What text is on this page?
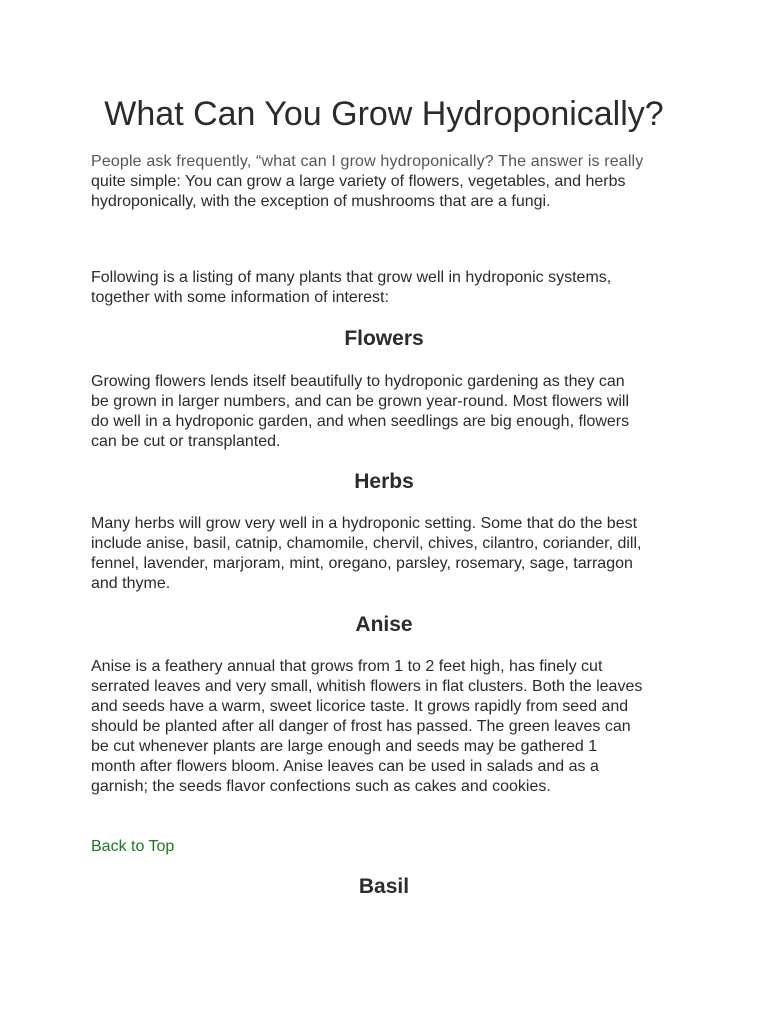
What Can You Grow Hydroponically?

People ask frequently, “what can I grow hydroponically? The answer is really

quite simple: You can grow a large variety of flowers, vegetables, and herbs
hydroponically, with the exception of mushrooms that are a fungi.

Following is a listing of many plants that grow well in hydroponic systems,
together with some information of interest:

Flowers

Growing flowers lends itself beautifully to hydroponic gardening as they can
be grown in larger numbers, and can be grown year-round. Most flowers will
do well in a hydroponic garden, and when seedlings are big enough, flowers
can be cut or transplanted.

Herbs

Many herbs will grow very well in a hydroponic setting. Some that do the best
include anise, basil, catnip, chamomile, chervil, chives, cilantro, coriander, dill,
fennel, lavender, marjoram, mint, oregano, parsley, rosemary, sage, tarragon
and thyme.

Anise

Anise is a feathery annual that grows from 1 to 2 feet high, has finely cut
serrated leaves and very small, whitish flowers in flat clusters. Both the leaves
and seeds have a warm, sweet licorice taste. It grows rapidly from seed and
should be planted after all danger of frost has passed. The green leaves can
be cut whenever plants are large enough and seeds may be gathered 1
month after flowers bloom. Anise leaves can be used in salads and as a
garnish; the seeds flavor confections such as cakes and cookies.

Back to Top
Basil
